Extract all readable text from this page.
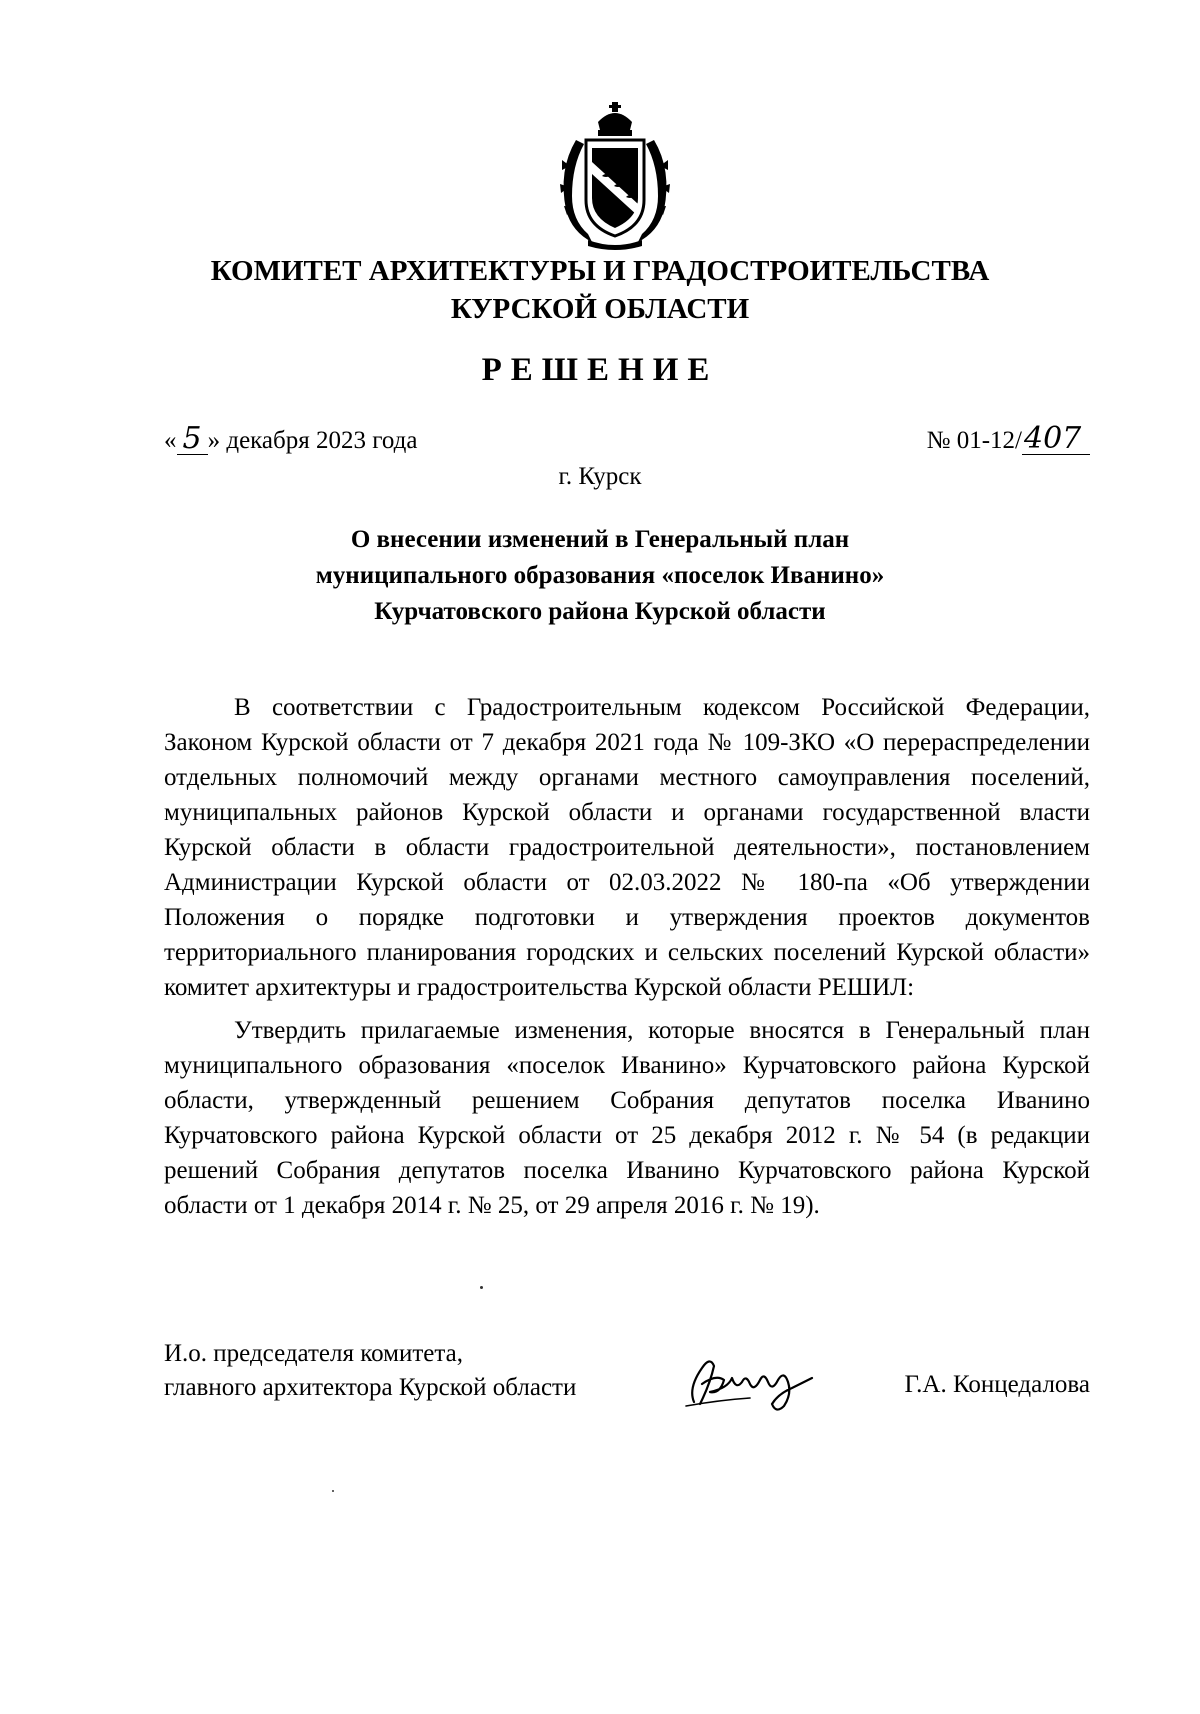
КОМИТЕТ АРХИТЕКТУРЫ И ГРАДОСТРОИТЕЛЬСТВА
КУРСКОЙ ОБЛАСТИ
РЕШЕНИЕ
« 5 » декабря 2023 года	№ 01-12/407
г. Курск
О внесении изменений в Генеральный план
муниципального образования «поселок Иванино»
Курчатовского района Курской области

В соответствии с Градостроительным кодексом Российской Федерации, Законом Курской области от 7 декабря 2021 года № 109-ЗКО «О перераспределении отдельных полномочий между органами местного самоуправления поселений, муниципальных районов Курской области и органами государственной власти Курской области в области градостроительной деятельности», постановлением Администрации Курской области от 02.03.2022 № 180-па «Об утверждении Положения о порядке подготовки и утверждения проектов документов территориального планирования городских и сельских поселений Курской области» комитет архитектуры и градостроительства Курской области РЕШИЛ:

Утвердить прилагаемые изменения, которые вносятся в Генеральный план муниципального образования «поселок Иванино» Курчатовского района Курской области, утвержденный решением Собрания депутатов поселка Иванино Курчатовского района Курской области от 25 декабря 2012 г. № 54 (в редакции решений Собрания депутатов поселка Иванино Курчатовского района Курской области от 1 декабря 2014 г. № 25, от 29 апреля 2016 г. № 19).

И.о. председателя комитета,
главного архитектора Курской области	Г.А. Концедалова
